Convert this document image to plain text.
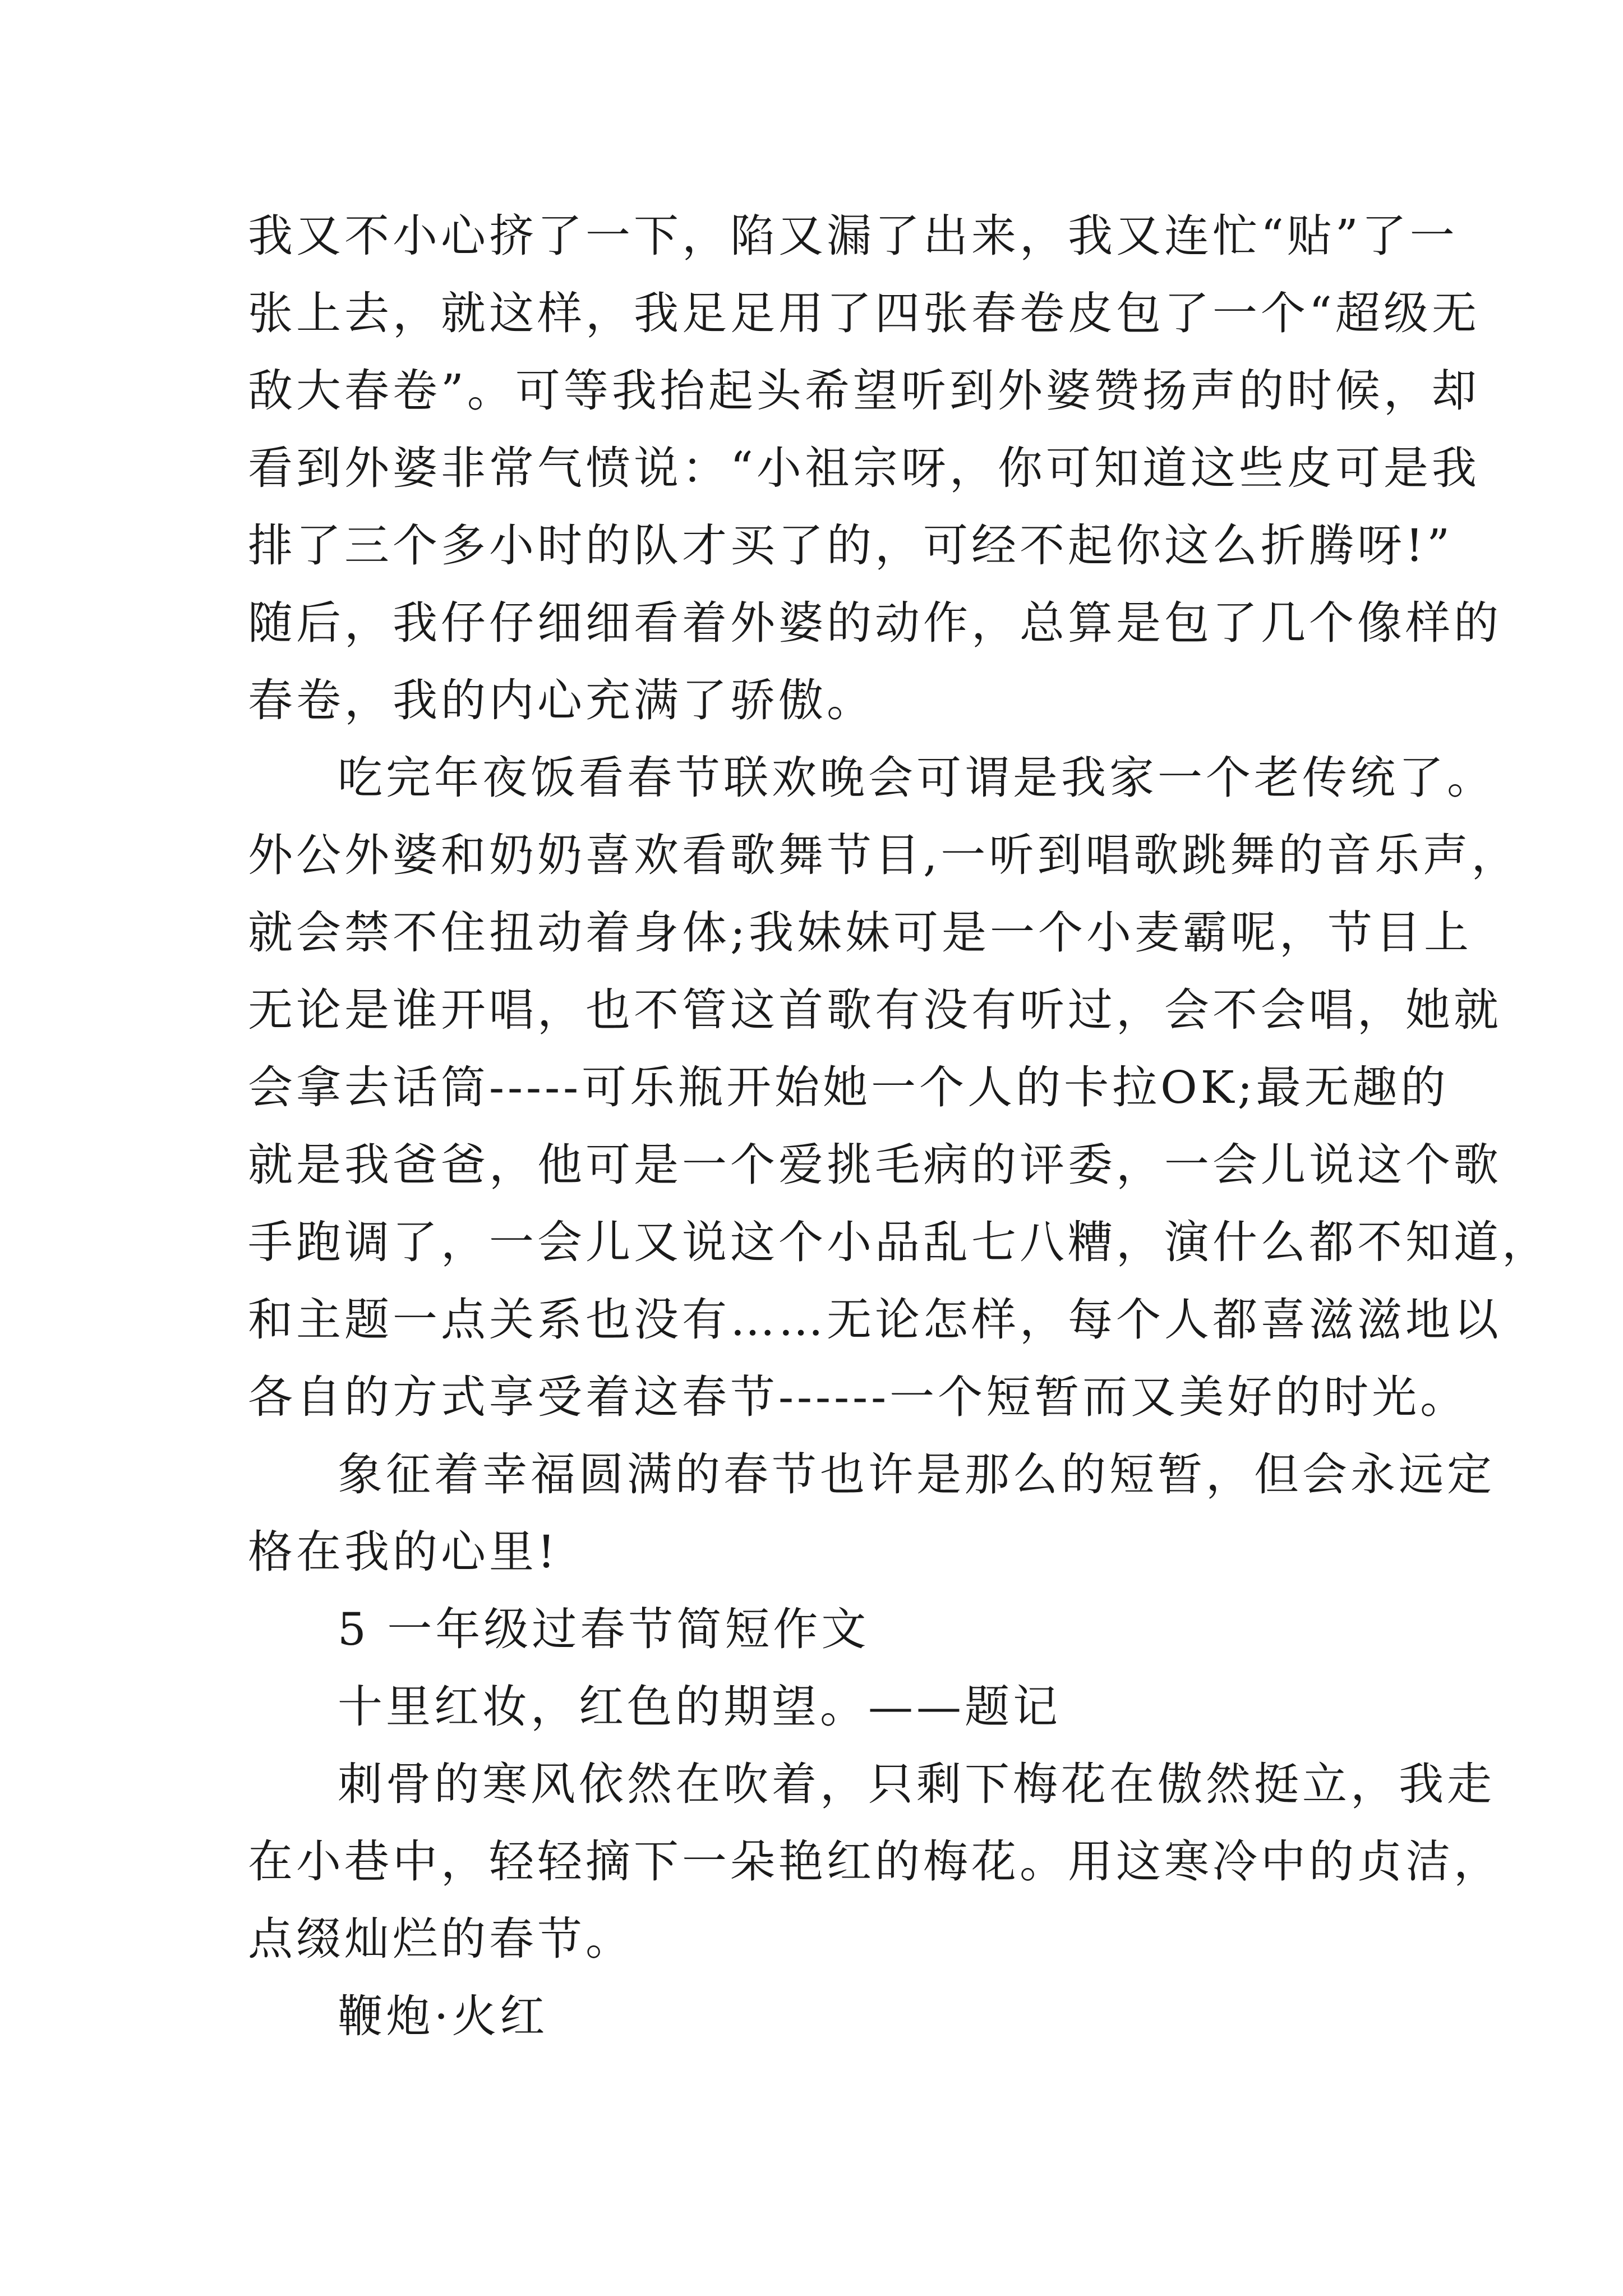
我又不小心挤了一下，陷又漏了出来，我又连忙“贴”了一
张上去，就这样，我足足用了四张春卷皮包了一个“超级无
敌大春卷”。可等我抬起头希望听到外婆赞扬声的时候，却
看到外婆非常气愤说：“小祖宗呀，你可知道这些皮可是我
排了三个多小时的队才买了的，可经不起你这么折腾呀!”
随后，我仔仔细细看着外婆的动作，总算是包了几个像样的
春卷，我的内心充满了骄傲。
吃完年夜饭看春节联欢晚会可谓是我家一个老传统了。
外公外婆和奶奶喜欢看歌舞节目,一听到唱歌跳舞的音乐声，
就会禁不住扭动着身体;我妹妹可是一个小麦霸呢，节目上
无论是谁开唱，也不管这首歌有没有听过，会不会唱，她就
会拿去话筒-----可乐瓶开始她一个人的卡拉OK;最无趣的
就是我爸爸，他可是一个爱挑毛病的评委，一会儿说这个歌
手跑调了，一会儿又说这个小品乱七八糟，演什么都不知道，
和主题一点关系也没有……无论怎样，每个人都喜滋滋地以
各自的方式享受着这春节------一个短暂而又美好的时光。
象征着幸福圆满的春节也许是那么的短暂，但会永远定
格在我的心里!
5 一年级过春节简短作文
十里红妆，红色的期望。——题记
刺骨的寒风依然在吹着，只剩下梅花在傲然挺立，我走
在小巷中，轻轻摘下一朵艳红的梅花。用这寒冷中的贞洁，
点缀灿烂的春节。
鞭炮·火红
